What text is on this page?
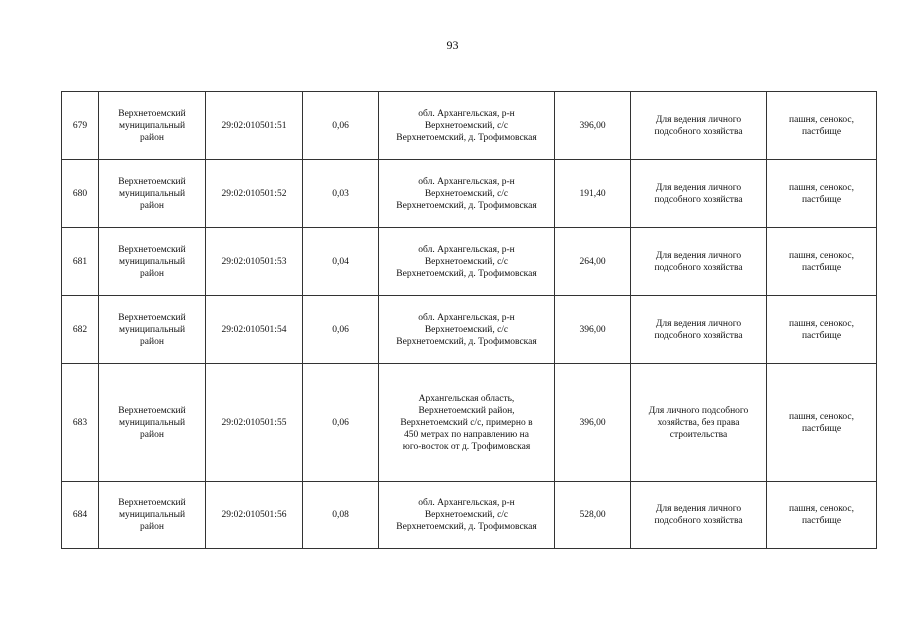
93
679	Верхнетоемский
муниципальный
район	29:02:010501:51	0,06	обл. Архангельская, р-н
Верхнетоемский, с/с
Верхнетоемский, д. Трофимовская	396,00	Для ведения личного
подсобного хозяйства	пашня, сенокос,
пастбище

680	Верхнетоемский
муниципальный
район	29:02:010501:52	0,03	обл. Архангельская, р-н
Верхнетоемский, с/с
Верхнетоемский, д. Трофимовская	191,40	Для ведения личного
подсобного хозяйства	пашня, сенокос,
пастбище

681	Верхнетоемский
муниципальный
район	29:02:010501:53	0,04	обл. Архангельская, р-н
Верхнетоемский, с/с
Верхнетоемский, д. Трофимовская	264,00	Для ведения личного
подсобного хозяйства	пашня, сенокос,
пастбище

682	Верхнетоемский
муниципальный
район	29:02:010501:54	0,06	обл. Архангельская, р-н
Верхнетоемский, с/с
Верхнетоемский, д. Трофимовская	396,00	Для ведения личного
подсобного хозяйства	пашня, сенокос,
пастбище

683	Верхнетоемский
муниципальный
район	29:02:010501:55	0,06	Архангельская область,
Верхнетоемский район,
Верхнетоемский с/с, примерно в
450 метрах по направлению на
юго-восток от д. Трофимовская	396,00	Для личного подсобного
хозяйства, без права
строительства	пашня, сенокос,
пастбище

684	Верхнетоемский
муниципальный
район	29:02:010501:56	0,08	обл. Архангельская, р-н
Верхнетоемский, с/с
Верхнетоемский, д. Трофимовская	528,00	Для ведения личного
подсобного хозяйства	пашня, сенокос,
пастбище
